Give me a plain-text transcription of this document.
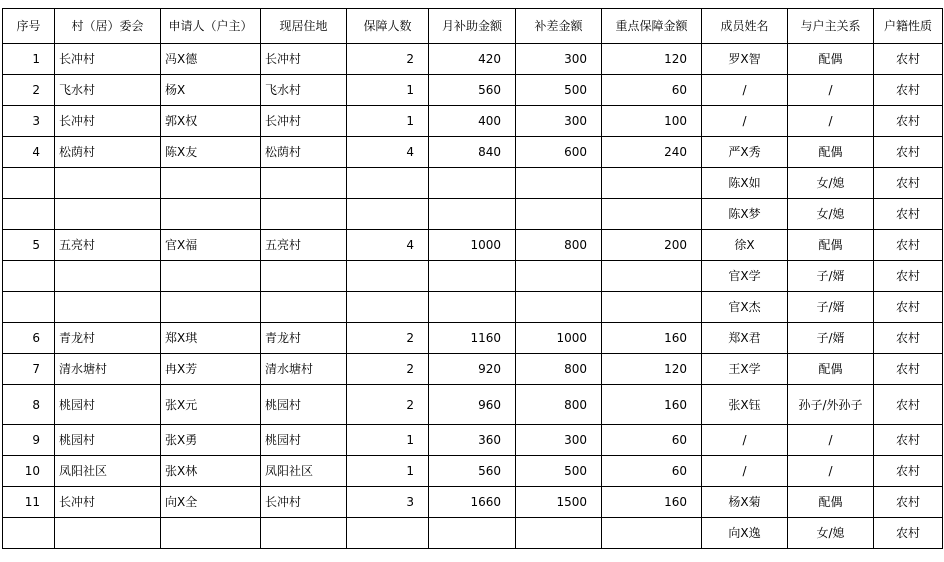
序号	村（居）委会	申请人（户主）	现居住地	保障人数	月补助金额	补差金额	重点保障金额	成员姓名	与户主关系	户籍性质
1	长冲村	冯X德	长冲村	2	420	300	120	罗X智	配偶	农村
2	飞水村	杨X	飞水村	1	560	500	60	/	/	农村
3	长冲村	郭X权	长冲村	1	400	300	100	/	/	农村
4	松荫村	陈X友	松荫村	4	840	600	240	严X秀	配偶	农村
								陈X如	女/媳	农村
								陈X梦	女/媳	农村
5	五亮村	官X福	五亮村	4	1000	800	200	徐X	配偶	农村
								官X学	子/婿	农村
								官X杰	子/婿	农村
6	青龙村	郑X琪	青龙村	2	1160	1000	160	郑X君	子/婿	农村
7	清水塘村	冉X芳	清水塘村	2	920	800	120	王X学	配偶	农村
8	桃园村	张X元	桃园村	2	960	800	160	张X钰	孙子/外孙子	农村
9	桃园村	张X勇	桃园村	1	360	300	60	/	/	农村
10	凤阳社区	张X林	凤阳社区	1	560	500	60	/	/	农村
11	长冲村	向X全	长冲村	3	1660	1500	160	杨X菊	配偶	农村
								向X逸	女/媳	农村
